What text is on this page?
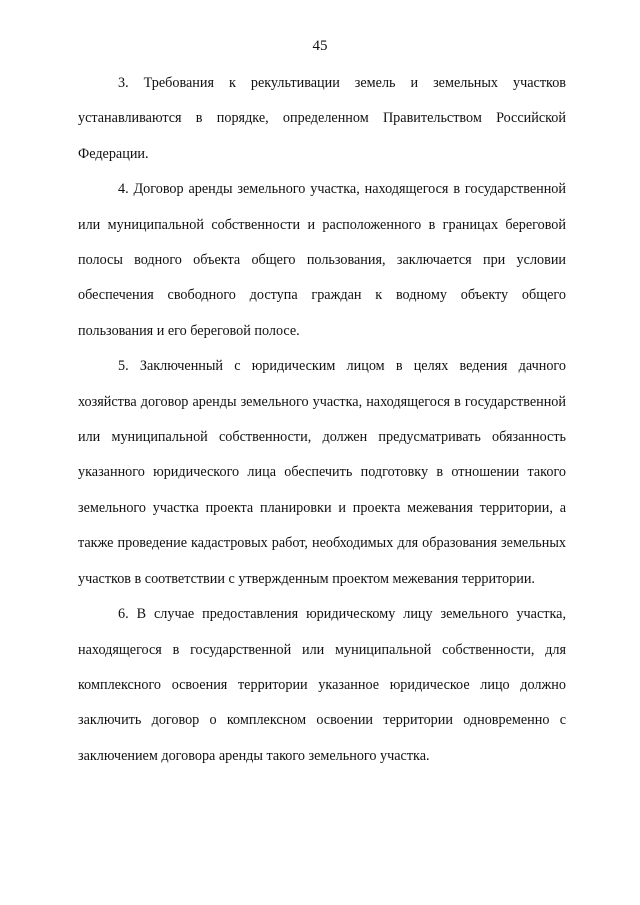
45

3. Требования к рекультивации земель и земельных участков устанавливаются в порядке, определенном Правительством Российской Федерации.

4. Договор аренды земельного участка, находящегося в государственной или муниципальной собственности и расположенного в границах береговой полосы водного объекта общего пользования, заключается при условии обеспечения свободного доступа граждан к водному объекту общего пользования и его береговой полосе.

5. Заключенный с юридическим лицом в целях ведения дачного хозяйства договор аренды земельного участка, находящегося в государственной или муниципальной собственности, должен предусматривать обязанность указанного юридического лица обеспечить подготовку в отношении такого земельного участка проекта планировки и проекта межевания территории, а также проведение кадастровых работ, необходимых для образования земельных участков в соответствии с утвержденным проектом межевания территории.

6. В случае предоставления юридическому лицу земельного участка, находящегося в государственной или муниципальной собственности, для комплексного освоения территории указанное юридическое лицо должно заключить договор о комплексном освоении территории одновременно с заключением договора аренды такого земельного участка.
